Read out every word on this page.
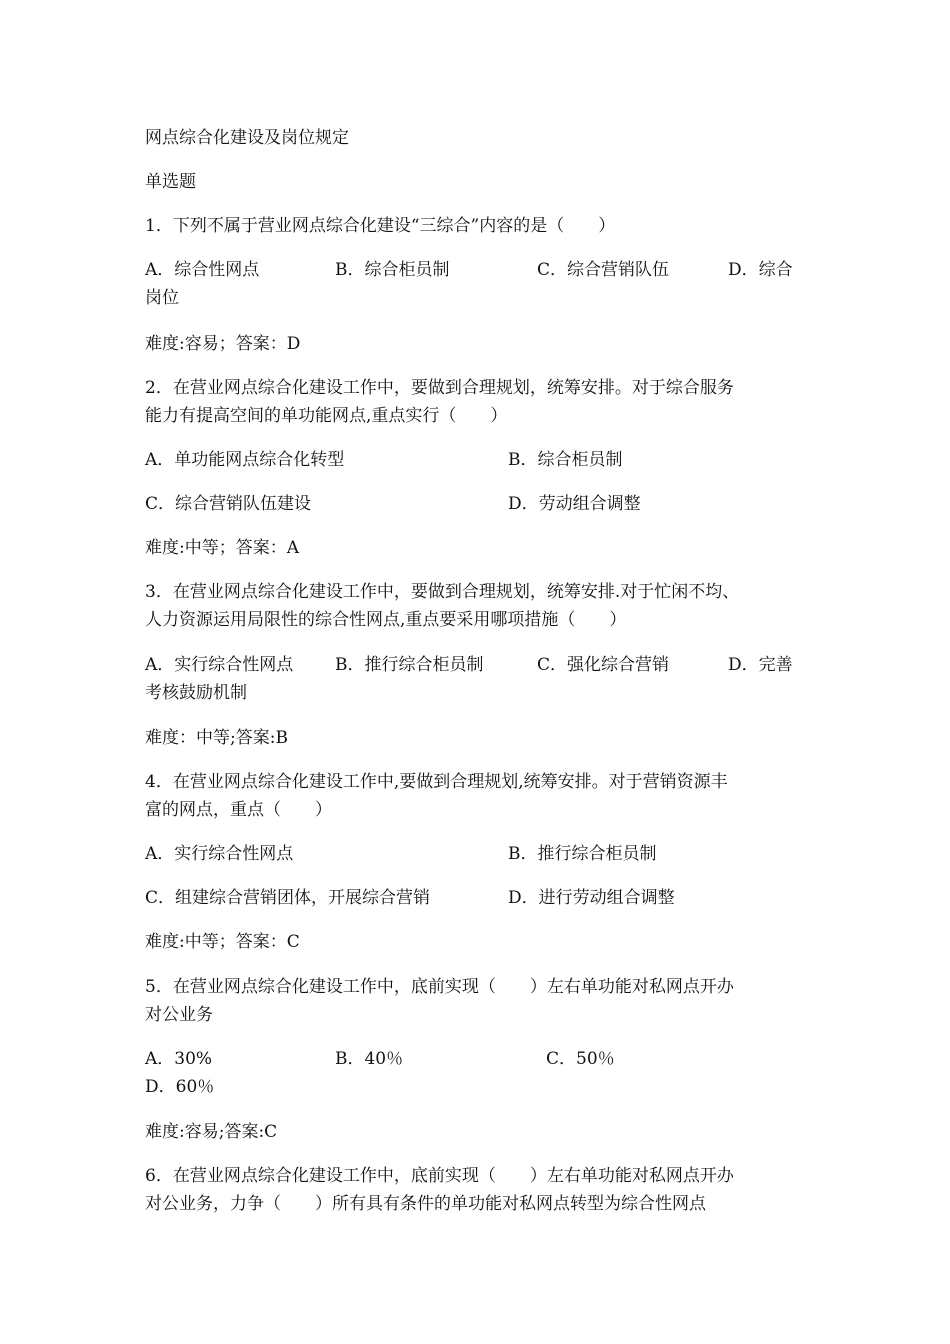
网点综合化建设及岗位规定
单选题
1．下列不属于营业网点综合化建设“三综合”内容的是（　　）
A．综合性网点	B．综合柜员制	C．综合营销队伍	D．综合
岗位
难度:容易；答案：D
2．在营业网点综合化建设工作中，要做到合理规划，统筹安排。对于综合服务
能力有提高空间的单功能网点,重点实行（　　）
A．单功能网点综合化转型	B．综合柜员制
C．综合营销队伍建设	D．劳动组合调整
难度:中等；答案：A
3．在营业网点综合化建设工作中，要做到合理规划，统筹安排.对于忙闲不均、
人力资源运用局限性的综合性网点,重点要采用哪项措施（　　）
A．实行综合性网点 B．推行综合柜员制	C．强化综合营销	D．完善
考核鼓励机制
难度：中等;答案:B
4．在营业网点综合化建设工作中,要做到合理规划,统筹安排。对于营销资源丰
富的网点，重点（　　）
A．实行综合性网点	B．推行综合柜员制
C．组建综合营销团体，开展综合营销	D．进行劳动组合调整
难度:中等；答案：C
5．在营业网点综合化建设工作中，底前实现（　　）左右单功能对私网点开办
对公业务
A．30%	B．40％	C．50％
D．60％
难度:容易;答案:C
6．在营业网点综合化建设工作中，底前实现（　　）左右单功能对私网点开办
对公业务，力争（　　）所有具有条件的单功能对私网点转型为综合性网点
